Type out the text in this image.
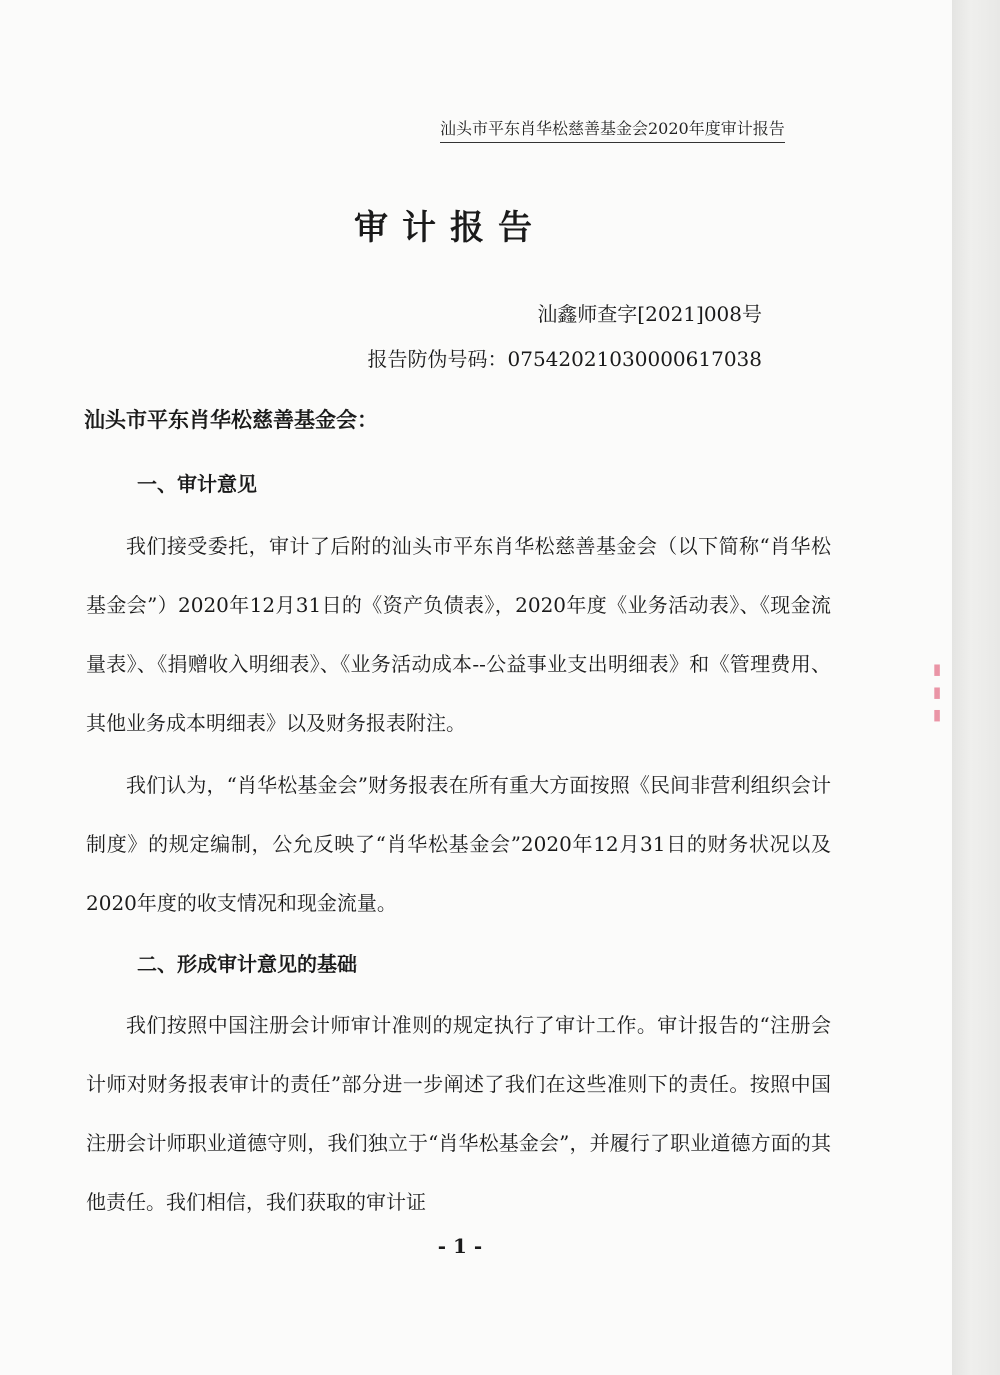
汕头市平东肖华松慈善基金会2020年度审计报告
审计报告
汕鑫师查字[2021]008号
报告防伪号码：07542021030000617038
汕头市平东肖华松慈善基金会：
一、审计意见

我们接受委托，审计了后附的汕头市平东肖华松慈善基金会（以下简称“肖华松基金会”）2020年12月31日的《资产负债表》，2020年度《业务活动表》、《现金流量表》、《捐赠收入明细表》、《业务活动成本--公益事业支出明细表》和《管理费用、其他业务成本明细表》以及财务报表附注。

我们认为，“肖华松基金会”财务报表在所有重大方面按照《民间非营利组织会计制度》的规定编制，公允反映了“肖华松基金会”2020年12月31日的财务状况以及2020年度的收支情况和现金流量。

二、形成审计意见的基础

我们按照中国注册会计师审计准则的规定执行了审计工作。审计报告的“注册会计师对财务报表审计的责任”部分进一步阐述了我们在这些准则下的责任。按照中国注册会计师职业道德守则，我们独立于“肖华松基金会”，并履行了职业道德方面的其他责任。我们相信，我们获取的审计证

- 1 -
▮ ▮ ▮
